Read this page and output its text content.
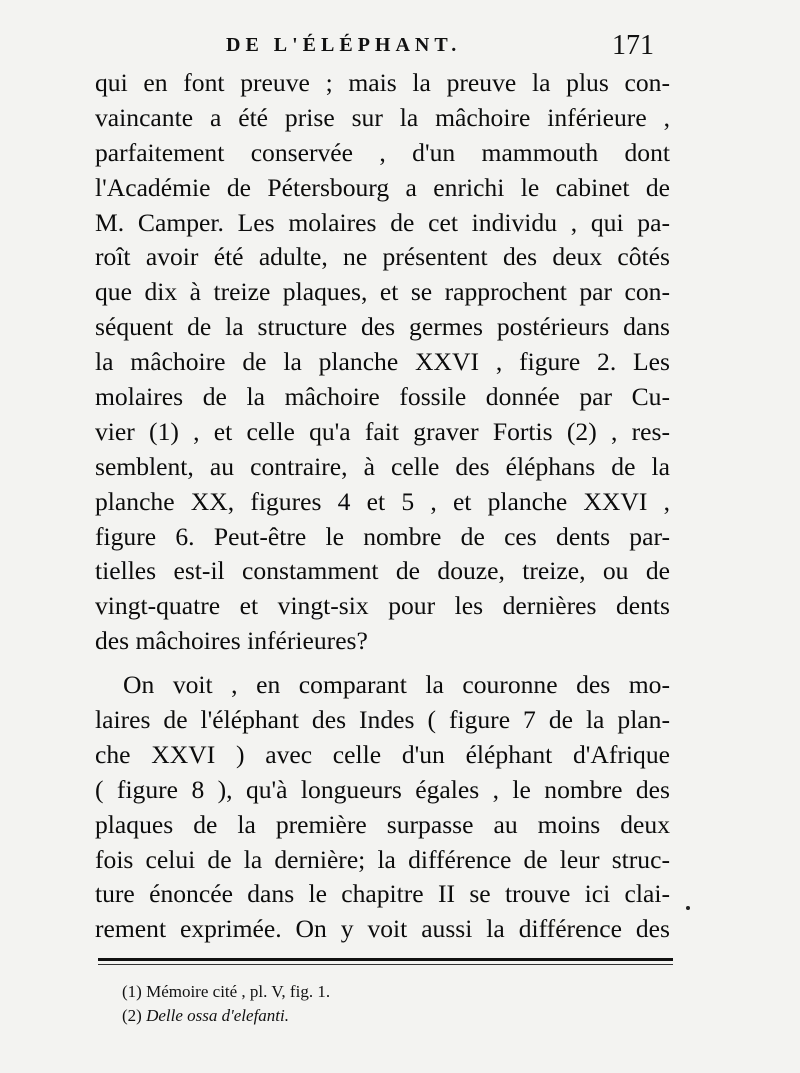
DE L'ÉLÉPHANT.	171
qui en font preuve ; mais la preuve la plus con-
vaincante a été prise sur la mâchoire inférieure ,
parfaitement conservée , d'un mammouth dont
l'Académie de Pétersbourg a enrichi le cabinet de
M. Camper. Les molaires de cet individu , qui pa-
roît avoir été adulte, ne présentent des deux côtés
que dix à treize plaques, et se rapprochent par con-
séquent de la structure des germes postérieurs dans
la mâchoire de la planche XXVI , figure 2. Les
molaires de la mâchoire fossile donnée par Cu-
vier (1) , et celle qu'a fait graver Fortis (2) , res-
semblent, au contraire, à celle des éléphans de la
planche XX, figures 4 et 5 , et planche XXVI ,
figure 6. Peut-être le nombre de ces dents par-
tielles est-il constamment de douze, treize, ou de
vingt-quatre et vingt-six pour les dernières dents
des mâchoires inférieures?
On voit , en comparant la couronne des mo-
laires de l'éléphant des Indes ( figure 7 de la plan-
che XXVI ) avec celle d'un éléphant d'Afrique
( figure 8 ), qu'à longueurs égales , le nombre des
plaques de la première surpasse au moins deux
fois celui de la dernière; la différence de leur struc-
ture énoncée dans le chapitre II se trouve ici clai-
rement exprimée. On y voit aussi la différence des
(1) Mémoire cité , pl. V, fig. 1.
(2) Delle ossa d'elefanti.
